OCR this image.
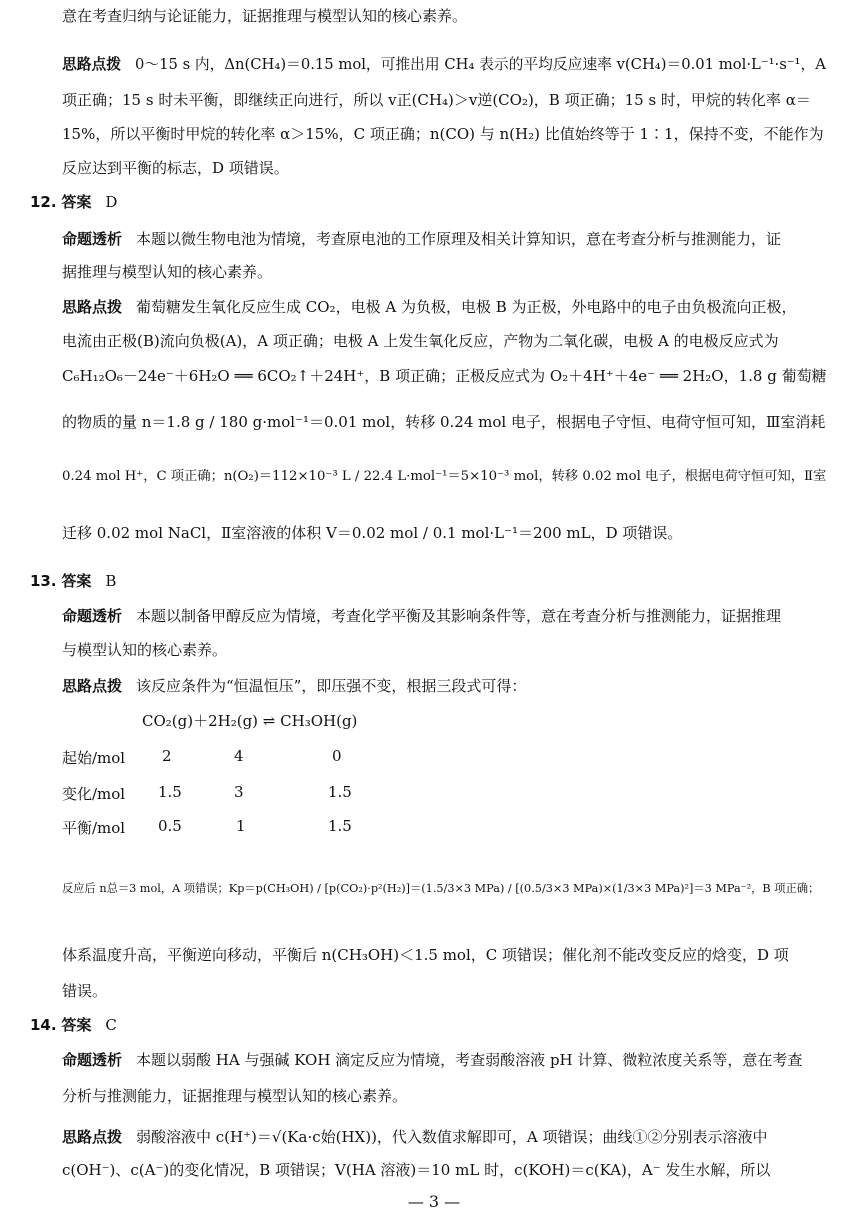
意在考查归纳与论证能力，证据推理与模型认知的核心素养。
思路点拨 0～15 s 内，Δn(CH₄)＝0.15 mol，可推出用 CH₄ 表示的平均反应速率 v(CH₄)＝0.01 mol·L⁻¹·s⁻¹，A
项正确；15 s 时未平衡，即继续正向进行，所以 v正(CH₄)＞v逆(CO₂)，B 项正确；15 s 时，甲烷的转化率 α＝
15%，所以平衡时甲烷的转化率 α＞15%，C 项正确；n(CO) 与 n(H₂) 比值始终等于 1∶1，保持不变，不能作为
反应达到平衡的标志，D 项错误。
12. 答案 D
命题透析 本题以微生物电池为情境，考查原电池的工作原理及相关计算知识，意在考查分析与推测能力，证
据推理与模型认知的核心素养。
思路点拨 葡萄糖发生氧化反应生成 CO₂，电极 A 为负极，电极 B 为正极，外电路中的电子由负极流向正极，
电流由正极(B)流向负极(A)，A 项正确；电极 A 上发生氧化反应，产物为二氧化碳，电极 A 的电极反应式为
C₆H₁₂O₆－24e⁻＋6H₂O ══ 6CO₂↑＋24H⁺，B 项正确；正极反应式为 O₂＋4H⁺＋4e⁻ ══ 2H₂O，1.8 g 葡萄糖
的物质的量 n＝1.8 g / 180 g·mol⁻¹＝0.01 mol，转移 0.24 mol 电子，根据电子守恒、电荷守恒可知，Ⅲ室消耗
0.24 mol H⁺，C 项正确；n(O₂)＝112×10⁻³ L / 22.4 L·mol⁻¹＝5×10⁻³ mol，转移 0.02 mol 电子，根据电荷守恒可知，Ⅱ室
迁移 0.02 mol NaCl，Ⅱ室溶液的体积 V＝0.02 mol / 0.1 mol·L⁻¹＝200 mL，D 项错误。
13. 答案 B
命题透析 本题以制备甲醇反应为情境，考查化学平衡及其影响条件等，意在考查分析与推测能力，证据推理
与模型认知的核心素养。
思路点拨 该反应条件为“恒温恒压”，即压强不变，根据三段式可得：
CO₂(g)＋2H₂(g) ⇌ CH₃OH(g)
起始/mol 2	4	0
变化/mol 1.5	3	1.5
平衡/mol 0.5	1	1.5
反应后 n总＝3 mol，A 项错误；Kp＝p(CH₃OH) / [p(CO₂)·p²(H₂)]＝(1.5/3×3 MPa) / [(0.5/3×3 MPa)×(1/3×3 MPa)²]＝3 MPa⁻²，B 项正确；
体系温度升高，平衡逆向移动，平衡后 n(CH₃OH)＜1.5 mol，C 项错误；催化剂不能改变反应的焓变，D 项
错误。
14. 答案 C
命题透析 本题以弱酸 HA 与强碱 KOH 滴定反应为情境，考查弱酸溶液 pH 计算、微粒浓度关系等，意在考查
分析与推测能力，证据推理与模型认知的核心素养。
思路点拨 弱酸溶液中 c(H⁺)＝√(Ka·c始(HX))，代入数值求解即可，A 项错误；曲线①②分别表示溶液中
c(OH⁻)、c(A⁻)的变化情况，B 项错误；V(HA 溶液)＝10 mL 时，c(KOH)＝c(KA)，A⁻ 发生水解，所以
— 3 —
